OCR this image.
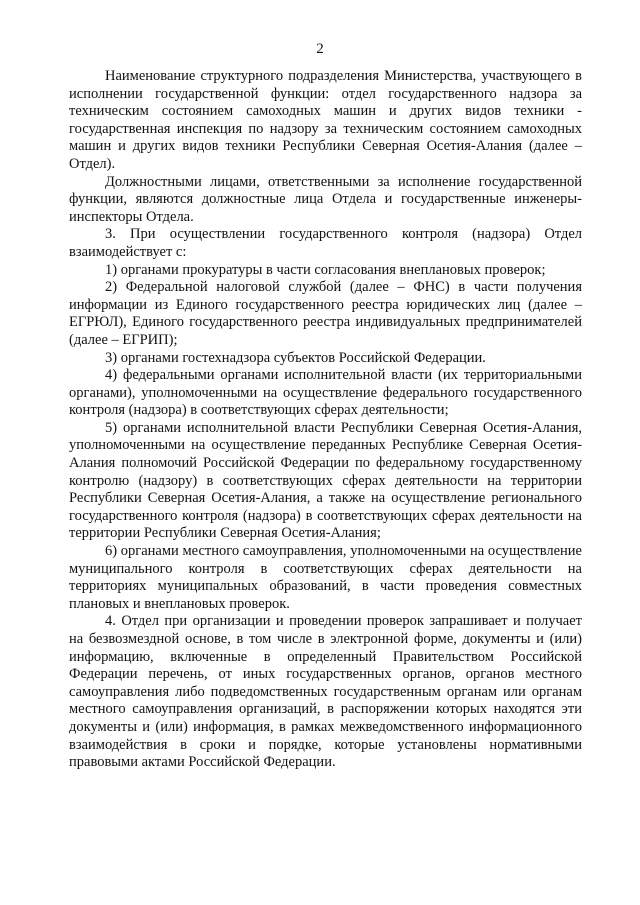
2

Наименование структурного подразделения Министерства, участвующего в исполнении государственной функции: отдел государственного надзора за техническим состоянием самоходных машин и других видов техники - государственная инспекция по надзору за техническим состоянием самоходных машин и других видов техники Республики Северная Осетия-Алания (далее – Отдел).

Должностными лицами, ответственными за исполнение государственной функции, являются должностные лица Отдела и государственные инженеры-инспекторы Отдела.

3. При осуществлении государственного контроля (надзора) Отдел взаимодействует с:

1) органами прокуратуры в части согласования внеплановых проверок;

2) Федеральной налоговой службой (далее – ФНС) в части получения информации из Единого государственного реестра юридических лиц (далее – ЕГРЮЛ), Единого государственного реестра индивидуальных предпринимателей (далее – ЕГРИП);

3) органами гостехнадзора субъектов Российской Федерации.

4) федеральными органами исполнительной власти (их территориальными органами), уполномоченными на осуществление федерального государственного контроля (надзора) в соответствующих сферах деятельности;

5) органами исполнительной власти Республики Северная Осетия-Алания, уполномоченными на осуществление переданных Республике Северная Осетия-Алания полномочий Российской Федерации по федеральному государственному контролю (надзору) в соответствующих сферах деятельности на территории Республики Северная Осетия-Алания, а также на осуществление регионального государственного контроля (надзора) в соответствующих сферах деятельности на территории Республики Северная Осетия-Алания;

6) органами местного самоуправления, уполномоченными на осуществление муниципального контроля в соответствующих сферах деятельности на территориях муниципальных образований, в части проведения совместных плановых и внеплановых проверок.

4. Отдел при организации и проведении проверок запрашивает и получает на безвозмездной основе, в том числе в электронной форме, документы и (или) информацию, включенные в определенный Правительством Российской Федерации перечень, от иных государственных органов, органов местного самоуправления либо подведомственных государственным органам или органам местного самоуправления организаций, в распоряжении которых находятся эти документы и (или) информация, в рамках межведомственного информационного взаимодействия в сроки и порядке, которые установлены нормативными правовыми актами Российской Федерации.
